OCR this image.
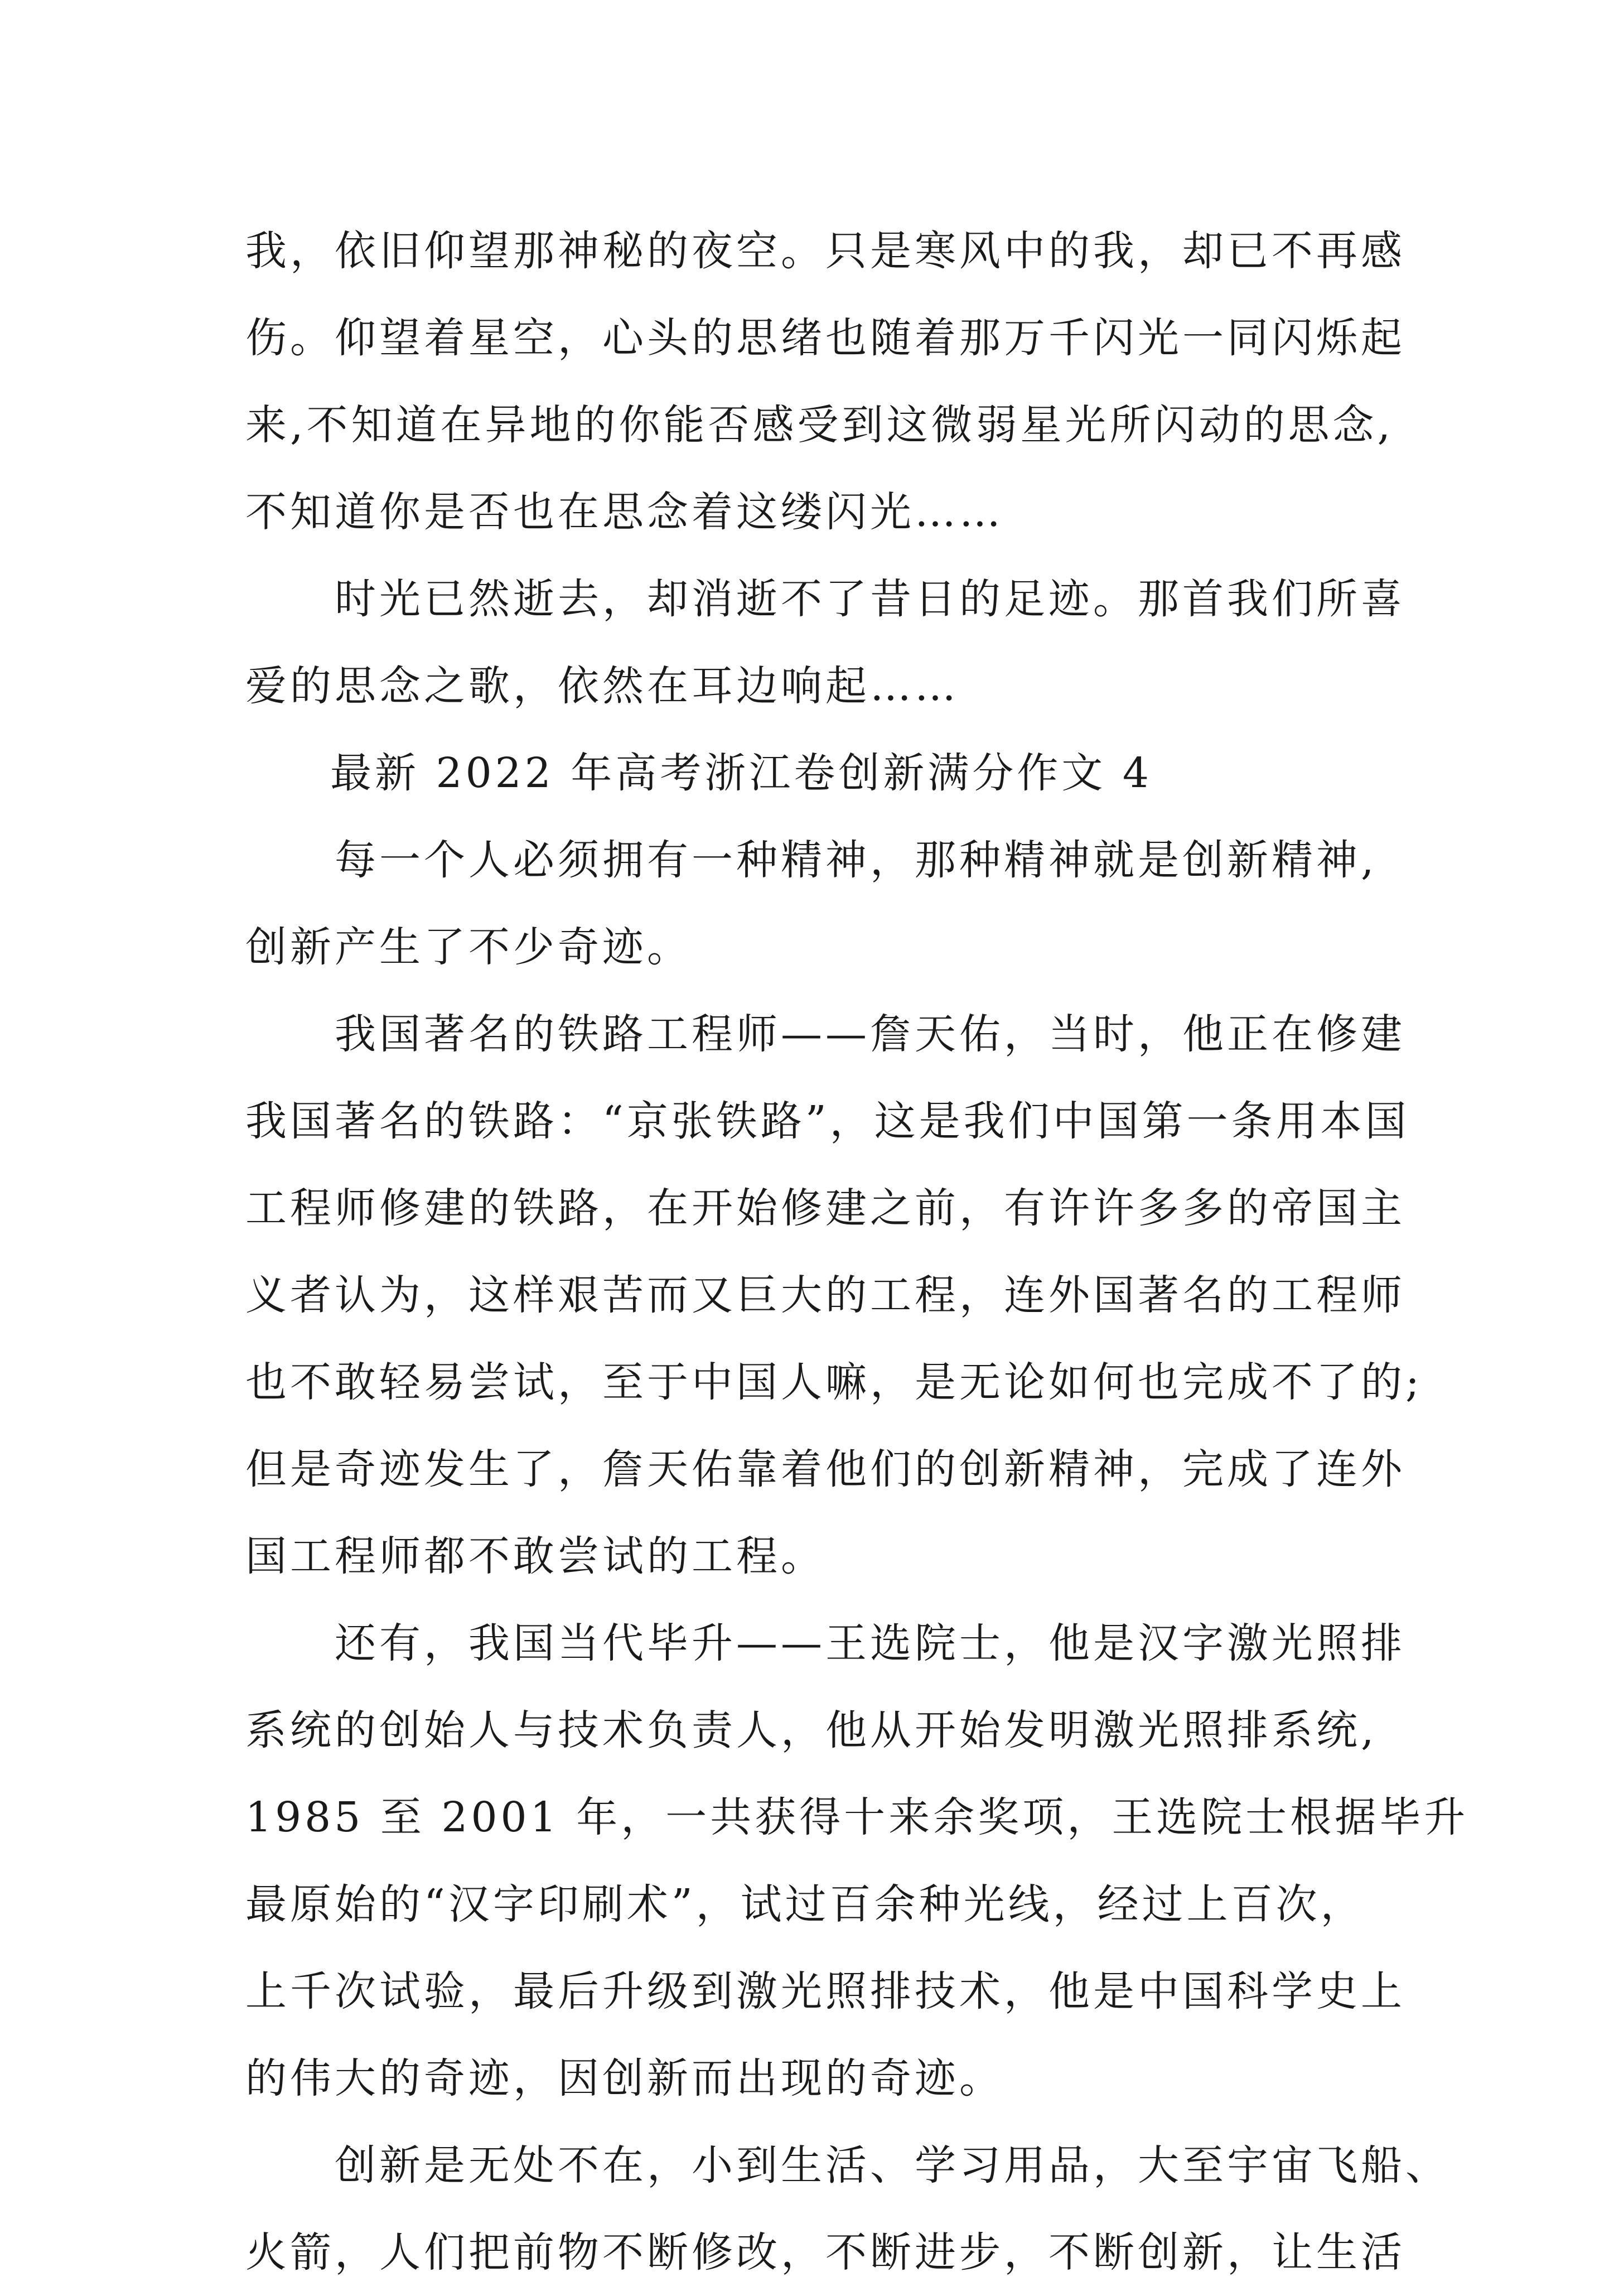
我，依旧仰望那神秘的夜空。只是寒风中的我，却已不再感
伤。仰望着星空，心头的思绪也随着那万千闪光一同闪烁起
来,不知道在异地的你能否感受到这微弱星光所闪动的思念,
不知道你是否也在思念着这缕闪光……

　　时光已然逝去，却消逝不了昔日的足迹。那首我们所喜
爱的思念之歌，依然在耳边响起……

最新 2022 年高考浙江卷创新满分作文 4

　　每一个人必须拥有一种精神，那种精神就是创新精神,
创新产生了不少奇迹。

　　我国著名的铁路工程师——詹天佑，当时，他正在修建
我国著名的铁路：“京张铁路”，这是我们中国第一条用本国
工程师修建的铁路，在开始修建之前，有许许多多的帝国主
义者认为，这样艰苦而又巨大的工程，连外国著名的工程师
也不敢轻易尝试，至于中国人嘛，是无论如何也完成不了的;
但是奇迹发生了，詹天佑靠着他们的创新精神，完成了连外
国工程师都不敢尝试的工程。

　　还有，我国当代毕升——王选院士，他是汉字激光照排
系统的创始人与技术负责人，他从开始发明激光照排系统,
1985 至 2001 年，一共获得十来余奖项，王选院士根据毕升
最原始的“汉字印刷术”，试过百余种光线，经过上百次，
上千次试验，最后升级到激光照排技术，他是中国科学史上
的伟大的奇迹，因创新而出现的奇迹。

　　创新是无处不在，小到生活、学习用品，大至宇宙飞船、
火箭，人们把前物不断修改，不断进步，不断创新，让生活
